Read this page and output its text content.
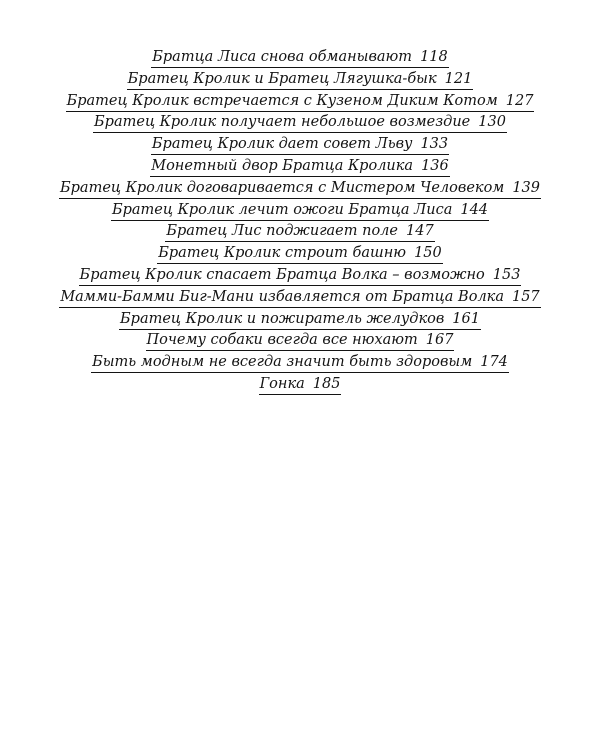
Братца Лиса снова обманывают 118
Братец Кролик и Братец Лягушка-бык 121
Братец Кролик встречается с Кузеном Диким Котом 127
Братец Кролик получает небольшое возмездие 130
Братец Кролик дает совет Льву 133
Монетный двор Братца Кролика 136
Братец Кролик договаривается с Мистером Человеком 139
Братец Кролик лечит ожоги Братца Лиса 144
Братец Лис поджигает поле 147
Братец Кролик строит башню 150
Братец Кролик спасает Братца Волка – возможно 153
Мамми-Бамми Биг-Мани избавляется от Братца Волка 157
Братец Кролик и пожиратель желудков 161
Почему собаки всегда все нюхают 167
Быть модным не всегда значит быть здоровым 174
Гонка 185
